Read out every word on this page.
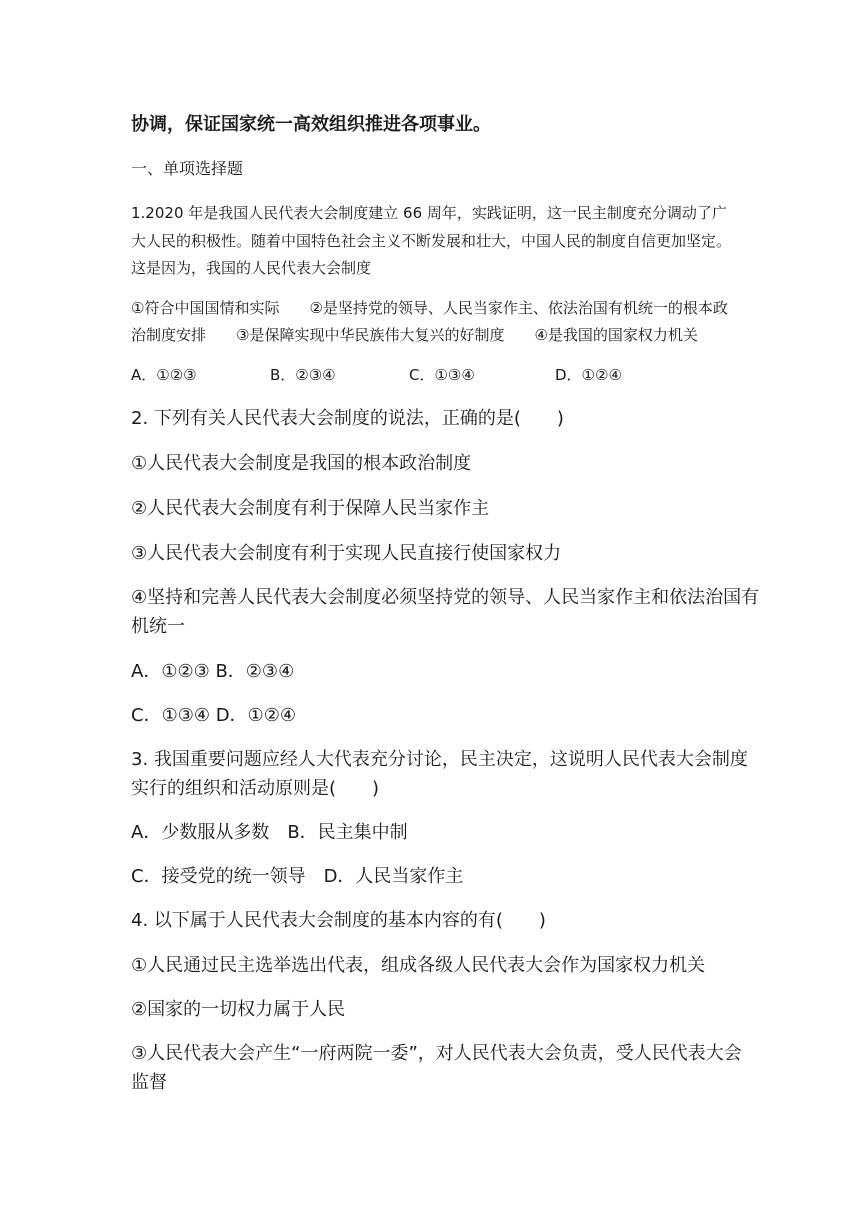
协调，保证国家统一高效组织推进各项事业。
一、单项选择题
1.2020 年是我国人民代表大会制度建立 66 周年，实践证明，这一民主制度充分调动了广
大人民的积极性。随着中国特色社会主义不断发展和壮大，中国人民的制度自信更加坚定。
这是因为，我国的人民代表大会制度
①符合中国国情和实际　　②是坚持党的领导、人民当家作主、依法治国有机统一的根本政
治制度安排　　③是保障实现中华民族伟大复兴的好制度　　④是我国的国家权力机关
A．①②③	B．②③④	C．①③④	D．①②④
2. 下列有关人民代表大会制度的说法，正确的是(　　)
①人民代表大会制度是我国的根本政治制度
②人民代表大会制度有利于保障人民当家作主
③人民代表大会制度有利于实现人民直接行使国家权力
④坚持和完善人民代表大会制度必须坚持党的领导、人民当家作主和依法治国有
机统一
A．①②③ B．②③④
C．①③④ D．①②④
3. 我国重要问题应经人大代表充分讨论，民主决定，这说明人民代表大会制度
实行的组织和活动原则是(　　)
A．少数服从多数　B．民主集中制
C．接受党的统一领导　D．人民当家作主
4. 以下属于人民代表大会制度的基本内容的有(　　)
①人民通过民主选举选出代表，组成各级人民代表大会作为国家权力机关
②国家的一切权力属于人民
③人民代表大会产生“一府两院一委”，对人民代表大会负责，受人民代表大会
监督
